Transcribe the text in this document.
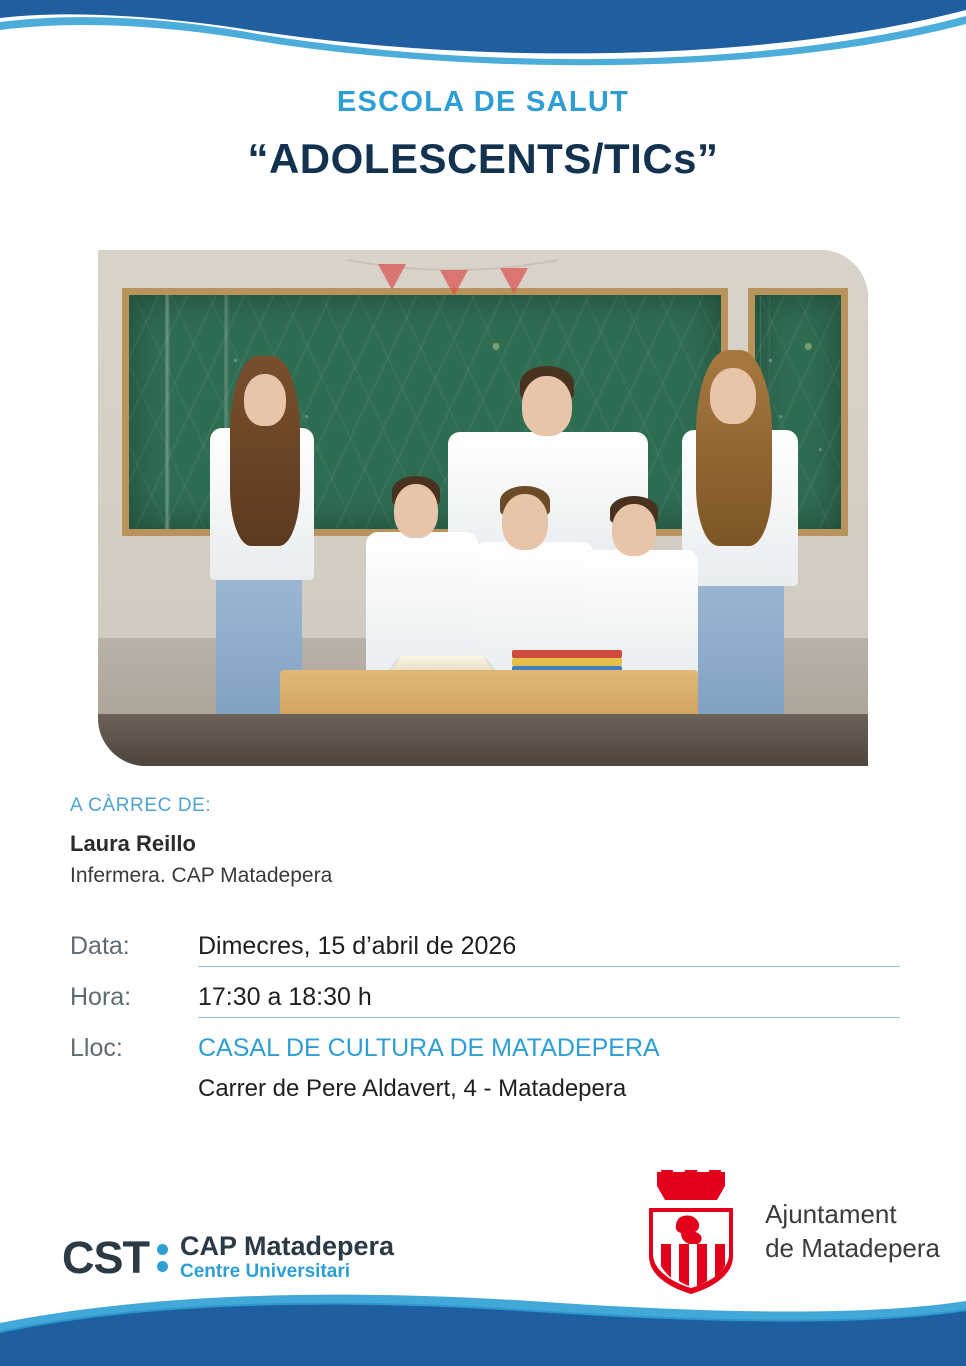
ESCOLA DE SALUT
“ADOLESCENTS/TICs”
A CÀRREC DE:
Laura Reillo
Infermera. CAP Matadepera
Data:	Dimecres, 15 d’abril de 2026
Hora:	17:30 a 18:30 h
Lloc:	CASAL DE CULTURA DE MATADEPERA
Carrer de Pere Aldavert, 4 - Matadepera
CST CAP Matadepera
Centre Universitari
Ajuntament
de Matadepera
